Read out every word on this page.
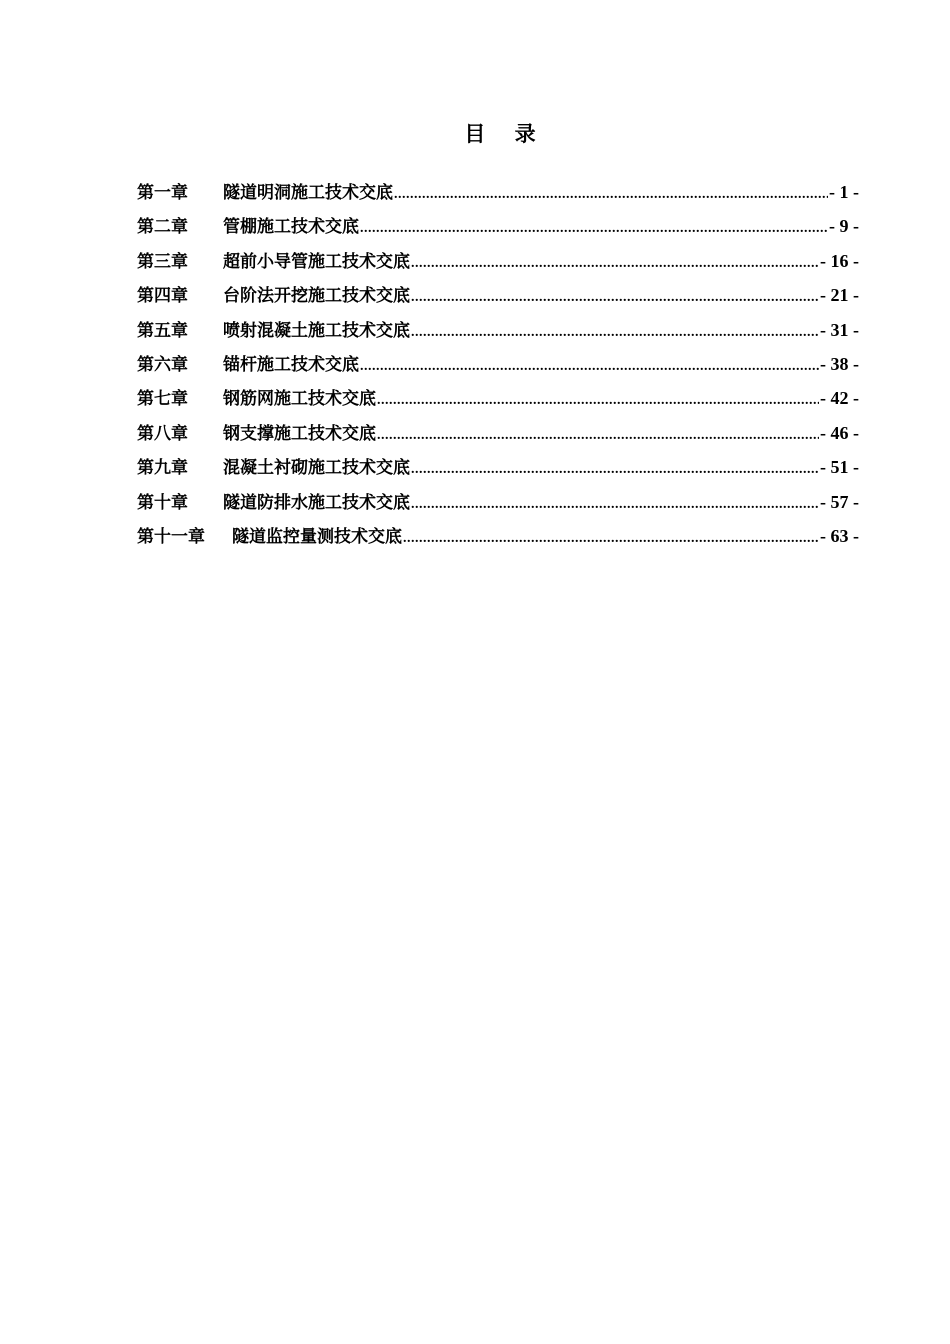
目    录
第一章	隧道明洞施工技术交底 .....	- 1 -
第二章	管棚施工技术交底 .....	- 9 -
第三章	超前小导管施工技术交底 .....	- 16 -
第四章	台阶法开挖施工技术交底 .....	- 21 -
第五章	喷射混凝土施工技术交底 .....	- 31 -
第六章	锚杆施工技术交底 .....	- 38 -
第七章	钢筋网施工技术交底 .....	- 42 -
第八章	钢支撑施工技术交底 .....	- 46 -
第九章	混凝土衬砌施工技术交底 .....	- 51 -
第十章	隧道防排水施工技术交底 .....	- 57 -
第十一章	隧道监控量测技术交底 .....	- 63 -
